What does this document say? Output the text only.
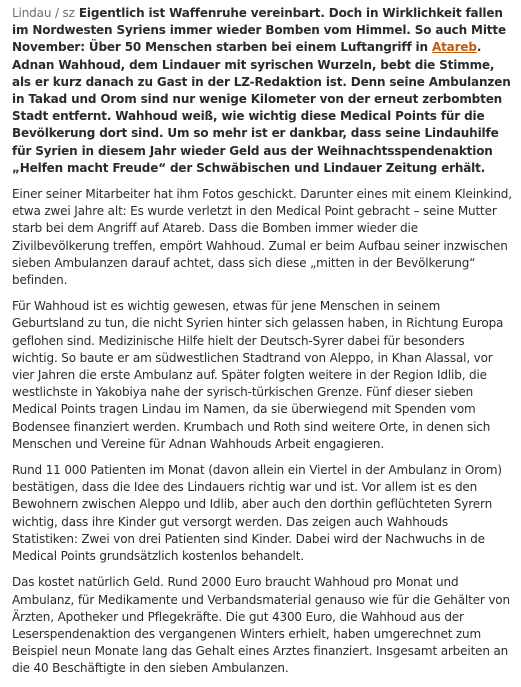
Lindau / sz Eigentlich ist Waffenruhe vereinbart. Doch in Wirklichkeit fallen im Nordwesten Syriens immer wieder Bomben vom Himmel. So auch Mitte November: Über 50 Menschen starben bei einem Luftangriff in Atareb. Adnan Wahhoud, dem Lindauer mit syrischen Wurzeln, bebt die Stimme, als er kurz danach zu Gast in der LZ-Redaktion ist. Denn seine Ambulanzen in Takad und Orom sind nur wenige Kilometer von der erneut zerbombten Stadt entfernt. Wahhoud weiß, wie wichtig diese Medical Points für die Bevölkerung dort sind. Um so mehr ist er dankbar, dass seine Lindauhilfe für Syrien in diesem Jahr wieder Geld aus der Weihnachtsspendenaktion „Helfen macht Freude“ der Schwäbischen und Lindauer Zeitung erhält.

Einer seiner Mitarbeiter hat ihm Fotos geschickt. Darunter eines mit einem Kleinkind, etwa zwei Jahre alt: Es wurde verletzt in den Medical Point gebracht – seine Mutter starb bei dem Angriff auf Atareb. Dass die Bomben immer wieder die Zivilbevölkerung treffen, empört Wahhoud. Zumal er beim Aufbau seiner inzwischen sieben Ambulanzen darauf achtet, dass sich diese „mitten in der Bevölkerung“ befinden.

Für Wahhoud ist es wichtig gewesen, etwas für jene Menschen in seinem Geburtsland zu tun, die nicht Syrien hinter sich gelassen haben, in Richtung Europa geflohen sind. Medizinische Hilfe hielt der Deutsch-Syrer dabei für besonders wichtig. So baute er am südwestlichen Stadtrand von Aleppo, in Khan Alassal, vor vier Jahren die erste Ambulanz auf. Später folgten weitere in der Region Idlib, die westlichste in Yakobiya nahe der syrisch-türkischen Grenze. Fünf dieser sieben Medical Points tragen Lindau im Namen, da sie überwiegend mit Spenden vom Bodensee finanziert werden. Krumbach und Roth sind weitere Orte, in denen sich Menschen und Vereine für Adnan Wahhouds Arbeit engagieren.

Rund 11 000 Patienten im Monat (davon allein ein Viertel in der Ambulanz in Orom) bestätigen, dass die Idee des Lindauers richtig war und ist. Vor allem ist es den Bewohnern zwischen Aleppo und Idlib, aber auch den dorthin geflüchteten Syrern wichtig, dass ihre Kinder gut versorgt werden. Das zeigen auch Wahhouds Statistiken: Zwei von drei Patienten sind Kinder. Dabei wird der Nachwuchs in de Medical Points grundsätzlich kostenlos behandelt.

Das kostet natürlich Geld. Rund 2000 Euro braucht Wahhoud pro Monat und Ambulanz, für Medikamente und Verbandsmaterial genauso wie für die Gehälter von Ärzten, Apotheker und Pflegekräfte. Die gut 4300 Euro, die Wahhoud aus der Leserspendenaktion des vergangenen Winters erhielt, haben umgerechnet zum Beispiel neun Monate lang das Gehalt eines Arztes finanziert. Insgesamt arbeiten an die 40 Beschäftigte in den sieben Ambulanzen.
